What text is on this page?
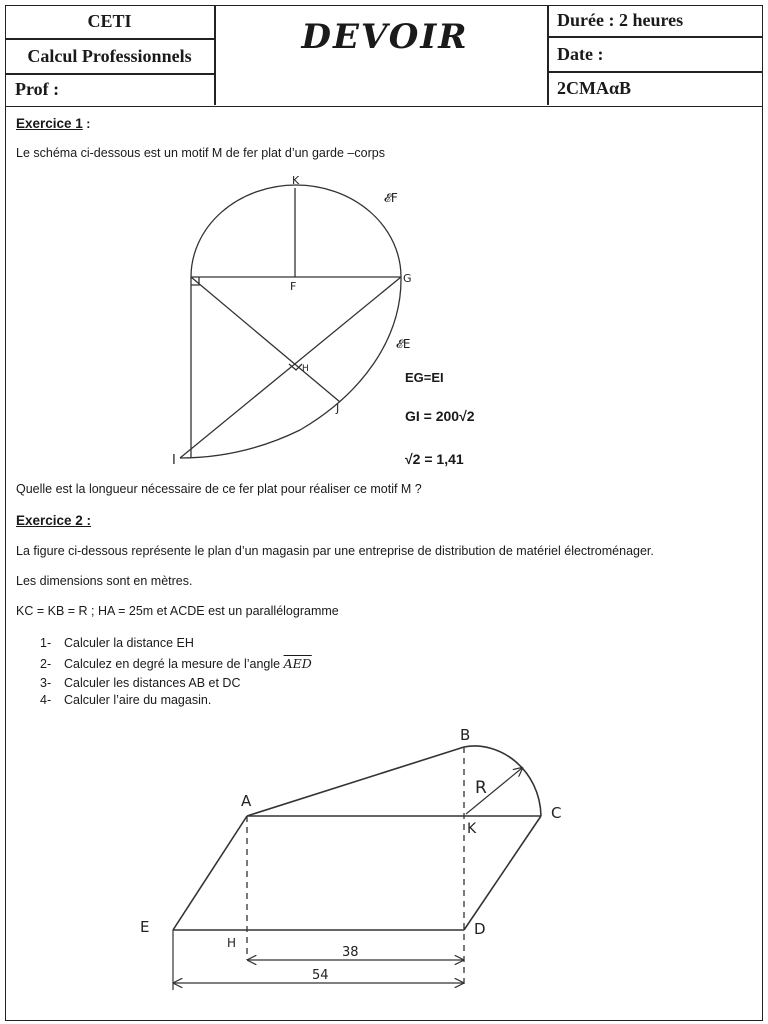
CETI
Calcul Professionnels
Prof :
DEVOIR	Durée : 2 heures
Date :
2CMAαB
Exercice 1 :
Le schéma ci-dessous est un motif M de fer plat d’un garde –corps
K
F
G
H
J
I
𝓔F
𝓔E
EG=EI
GI = 200√2
√2 = 1,41
Quelle est la longueur nécessaire de ce fer plat pour réaliser ce motif M ?
Exercice 2 :
La figure ci-dessous représente le plan d’un magasin par une entreprise de distribution de matériel électroménager.
Les dimensions sont en mètres.
KC = KB = R ; HA = 25m et ACDE est un parallélogramme
1- Calculer la distance EH
2- Calculez en degré la mesure de l’angle $\overline{AED}$
3- Calculer les distances AB et DC
4- Calculer l’aire du magasin.
A
B
C
D
E
H
K
R
38
54
